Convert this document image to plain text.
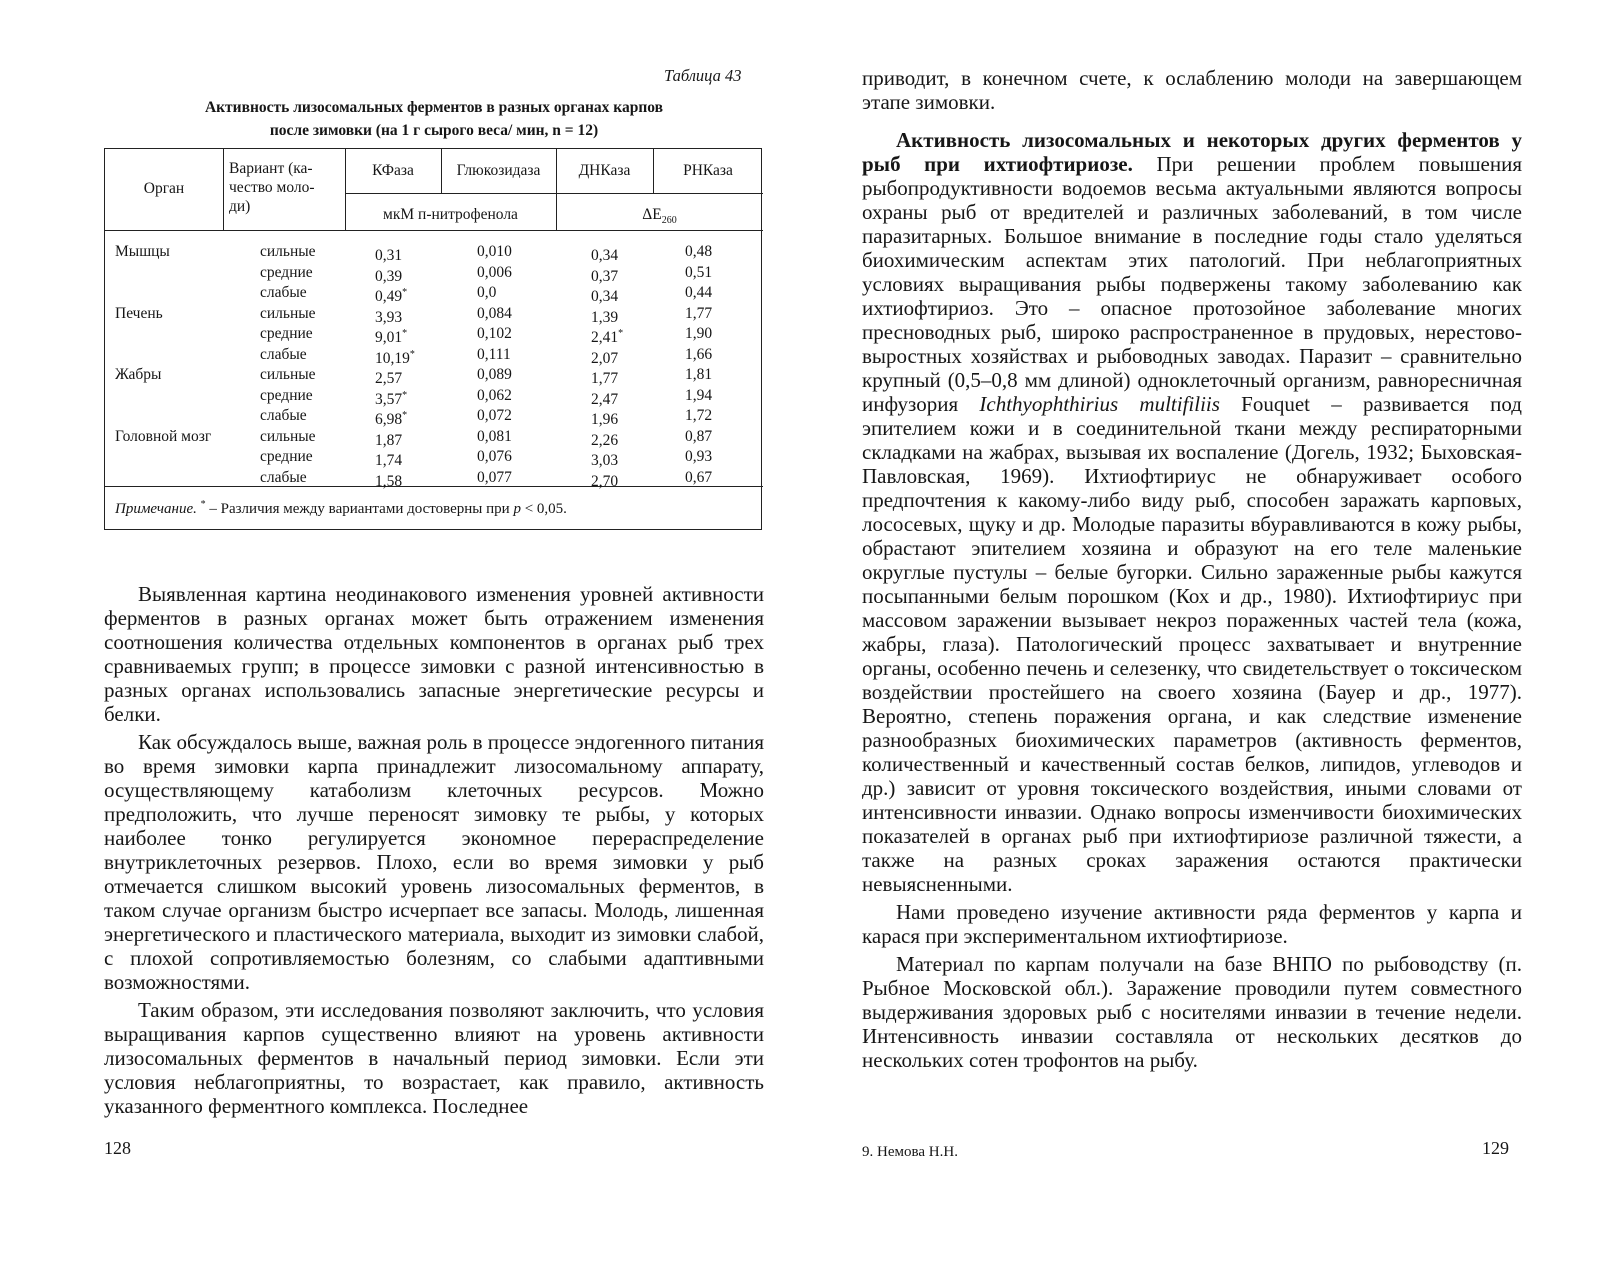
Таблица 43
Активность лизосомальных ферментов в разных органах карпов
после зимовки (на 1 г сырого веса/ мин, n = 12)
Орган
Вариант (ка-
чество моло-
ди)
КФаза	Глюкозидаза	ДНКаза	РНКаза
мкМ п-нитрофенола	$\Delta E_{260}$
Мышцы	сильные	0,31	0,010	0,34	0,48
средние	0,39	0,006	0,37	0,51
слабые	0,49*	0,0	0,34	0,44
Печень	сильные	3,93	0,084	1,39	1,77
средние	9,01*	0,102	2,41*	1,90
слабые	10,19*	0,111	2,07	1,66
Жабры	сильные	2,57	0,089	1,77	1,81
средние	3,57*	0,062	2,47	1,94
слабые	6,98*	0,072	1,96	1,72
Головной мозг	сильные	1,87	0,081	2,26	0,87
средние	1,74	0,076	3,03	0,93
слабые	1,58	0,077	2,70	0,67
Примечание. * – Различия между вариантами достоверны при p < 0,05.

Выявленная картина неодинакового изменения уровней активности ферментов в разных органах может быть отражением изменения соотношения количества отдельных компонентов в органах рыб трех сравниваемых групп; в процессе зимовки с разной интенсивностью в разных органах использовались запасные энергетические ресурсы и белки.

Как обсуждалось выше, важная роль в процессе эндогенного питания во время зимовки карпа принадлежит лизосомальному аппарату, осуществляющему катаболизм клеточных ресурсов. Можно предположить, что лучше переносят зимовку те рыбы, у которых наиболее тонко регулируется экономное перераспределение внутриклеточных резервов. Плохо, если во время зимовки у рыб отмечается слишком высокий уровень лизосомальных ферментов, в таком случае организм быстро исчерпает все запасы. Молодь, лишенная энергетического и пластического материала, выходит из зимовки слабой, с плохой сопротивляемостью болезням, со слабыми адаптивными возможностями.

Таким образом, эти исследования позволяют заключить, что условия выращивания карпов существенно влияют на уровень активности лизосомальных ферментов в начальный период зимовки. Если эти условия неблагоприятны, то возрастает, как правило, активность указанного ферментного комплекса. Последнее

128

приводит, в конечном счете, к ослаблению молоди на завершающем этапе зимовки.

Активность лизосомальных и некоторых других ферментов у рыб при ихтиофтириозе. При решении проблем повышения рыбопродуктивности водоемов весьма актуальными являются вопросы охраны рыб от вредителей и различных заболеваний, в том числе паразитарных. Большое внимание в последние годы стало уделяться биохимическим аспектам этих патологий. При неблагоприятных условиях выращивания рыбы подвержены такому заболеванию как ихтиофтириоз. Это – опасное протозойное заболевание многих пресноводных рыб, широко распространенное в прудовых, нерестово-выростных хозяйствах и рыбоводных заводах. Паразит – сравнительно крупный (0,5–0,8 мм длиной) одноклеточный организм, равноресничная инфузория Ichthyophthirius multifiliis Fouquet – развивается под эпителием кожи и в соединительной ткани между респираторными складками на жабрах, вызывая их воспаление (Догель, 1932; Быховская-Павловская, 1969). Ихтиофтириус не обнаруживает особого предпочтения к какому-либо виду рыб, способен заражать карповых, лососевых, щуку и др. Молодые паразиты вбуравливаются в кожу рыбы, обрастают эпителием хозяина и образуют на его теле маленькие округлые пустулы – белые бугорки. Сильно зараженные рыбы кажутся посыпанными белым порошком (Кох и др., 1980). Ихтиофтириус при массовом заражении вызывает некроз пораженных частей тела (кожа, жабры, глаза). Патологический процесс захватывает и внутренние органы, особенно печень и селезенку, что свидетельствует о токсическом воздействии простейшего на своего хозяина (Бауер и др., 1977). Вероятно, степень поражения органа, и как следствие изменение разнообразных биохимических параметров (активность ферментов, количественный и качественный состав белков, липидов, углеводов и др.) зависит от уровня токсического воздействия, иными словами от интенсивности инвазии. Однако вопросы изменчивости биохимических показателей в органах рыб при ихтиофтириозе различной тяжести, а также на разных сроках заражения остаются практически невыясненными.

Нами проведено изучение активности ряда ферментов у карпа и карася при экспериментальном ихтиофтириозе.

Материал по карпам получали на базе ВНПО по рыбоводству (п. Рыбное Московской обл.). Заражение проводили путем совместного выдерживания здоровых рыб с носителями инвазии в течение недели. Интенсивность инвазии составляла от нескольких десятков до нескольких сотен трофонтов на рыбу.

9. Немова Н.Н.	129
